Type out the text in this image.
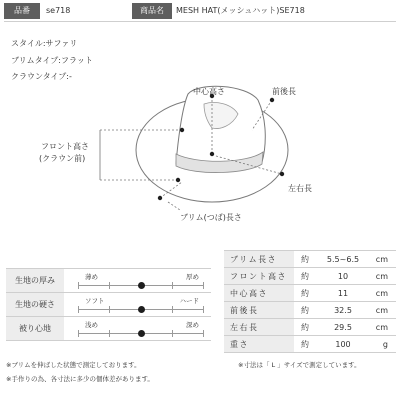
品番	se718	商品名	MESH HAT(メッシュハット)SE718
スタイル:サファリ
ブリムタイプ:フラット
クラウンタイプ:-
中心高さ	前後長
フロント高さ
(クラウン前)
左右長
ブリム(つば)長さ
生地の厚み	薄め 厚め

生地の硬さ	ソフト ハード

被り心地	浅め 深め
ブリム長さ	約	5.5~6.5	cm
フロント高さ	約	10	cm
中心高さ	約	11	cm
前後長	約	32.5	cm
左右長	約	29.5	cm
重さ	約	100	g
※ブリムを伸ばした状態で測定しております。
※手作りの為、各寸法に多少の個体差があります。
※寸法は「 L 」サイズで測定しています。
